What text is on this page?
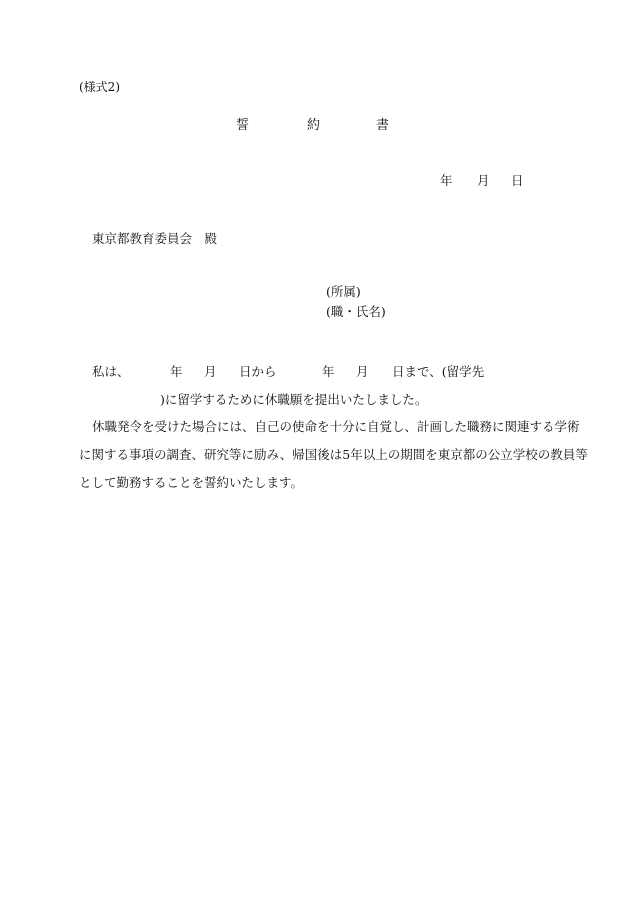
(様式2)
誓	約	書
年 月 日
東京都教育委員会　殿
(所属)
(職・氏名)
私は、	年 月 日から	年 月 日まで、(留学先
)に留学するために休職願を提出いたしました。
休職発令を受けた場合には、自己の使命を十分に自覚し、計画した職務に関連する学術
に関する事項の調査、研究等に励み、帰国後は5年以上の期間を東京都の公立学校の教員等
として勤務することを誓約いたします。
